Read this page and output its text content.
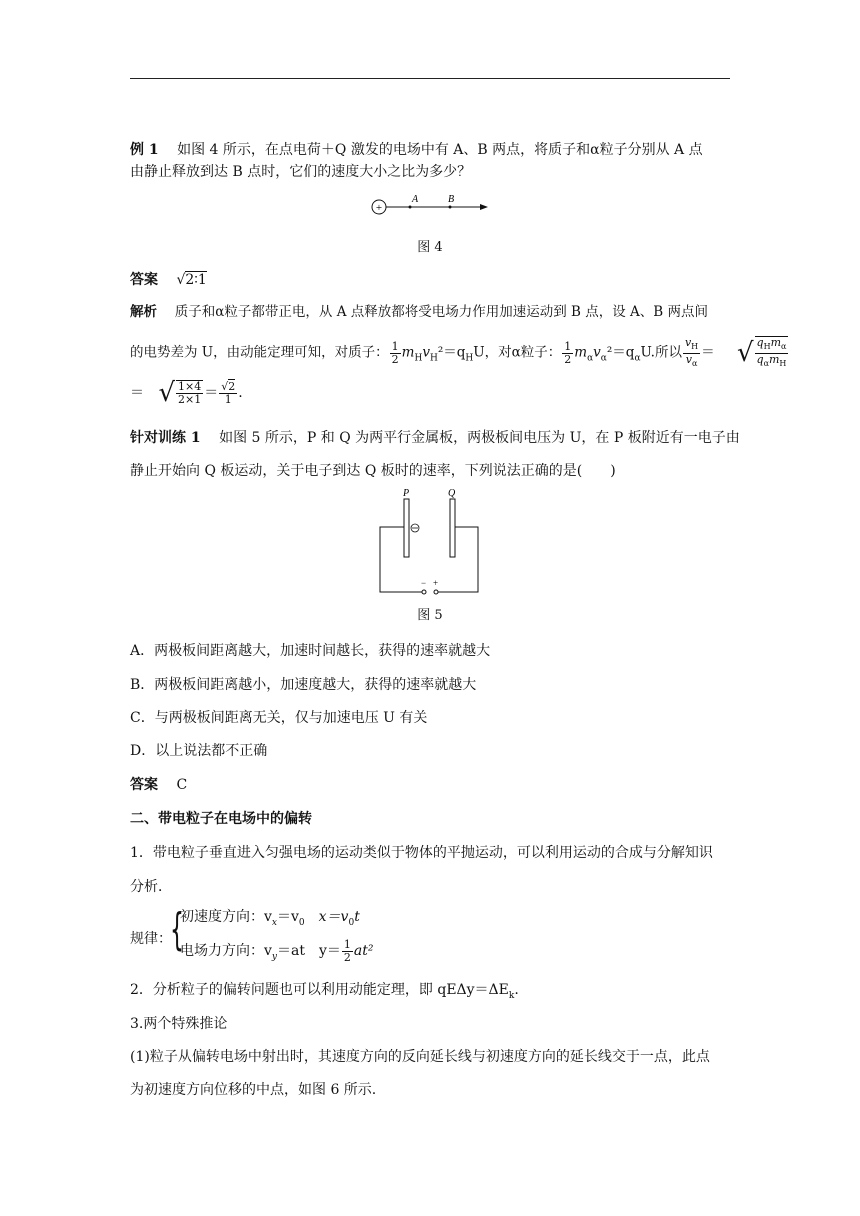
例 1　 如图 4 所示，在点电荷＋Q 激发的电场中有 A、B 两点，将质子和α粒子分别从 A 点
由静止释放到达 B 点时，它们的速度大小之比为多少？
+
A	B
图 4
答案 √2∶1
解析　 质子和α粒子都带正电，从 A 点释放都将受电场力作用加速运动到 B 点，设 A、B 两点间
的电势差为 U，由动能定理可知，对质子： $\frac{1}{2} m_Hv_H^2=q_HU$，对α粒子： $\frac{1}{2} m_\alpha v_\alpha^2=q_\alpha U$.所以 $\frac{v_H}{v_\alpha}$ ＝ √ $\frac{q_Hm_\alpha}{q_\alpha m_H}$
＝ √ $\frac{1\times 4}{2\times 1} = \frac{√2}{1}$ .
针对训练 1　 如图 5 所示，P 和 Q 为两平行金属板，两极板间电压为 U，在 P 板附近有一电子由
静止开始向 Q 板运动，关于电子到达 Q 板时的速率，下列说法正确的是(　　)
P	Q
− +
图 5
A．两极板间距离越大，加速时间越长，获得的速率就越大
B．两极板间距离越小，加速度越大，获得的速率就越大
C．与两极板间距离无关，仅与加速电压 U 有关
D．以上说法都不正确
答案 C
二、带电粒子在电场中的偏转
1．带电粒子垂直进入匀强电场的运动类似于物体的平抛运动，可以利用运动的合成与分解知识
分析．
规律：
{
初速度方向：$v_x=v_0$　$x=v_0t$
电场力方向：$v_y=at$　$y= \frac{1}{2} at^2$
2．分析粒子的偏转问题也可以利用动能定理，即 $qE\Delta y=\Delta E_k$.
3.两个特殊推论
(1)粒子从偏转电场中射出时，其速度方向的反向延长线与初速度方向的延长线交于一点，此点
为初速度方向位移的中点，如图 6 所示.
